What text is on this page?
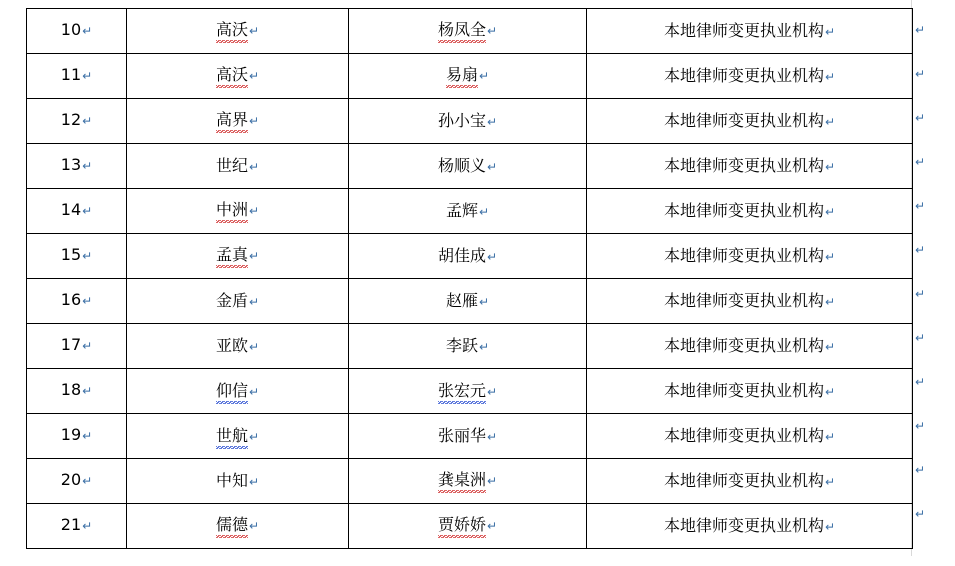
10↵	高沃↵	杨凤全↵	本地律师变更执业机构↵
11↵	高沃↵	易扇↵	本地律师变更执业机构↵
12↵	高界↵	孙小宝↵	本地律师变更执业机构↵
13↵	世纪↵	杨顺义↵	本地律师变更执业机构↵
14↵	中洲↵	孟辉↵	本地律师变更执业机构↵
15↵	孟真↵	胡佳成↵	本地律师变更执业机构↵
16↵	金盾↵	赵雁↵	本地律师变更执业机构↵
17↵	亚欧↵	李跃↵	本地律师变更执业机构↵
18↵	仰信↵	张宏元↵	本地律师变更执业机构↵
19↵	世航↵	张丽华↵	本地律师变更执业机构↵
20↵	中知↵	龚桌洲↵	本地律师变更执业机构↵
21↵	儒德↵	贾娇娇↵	本地律师变更执业机构↵
↵
↵
↵
↵
↵
↵
↵
↵
↵
↵
↵
↵
